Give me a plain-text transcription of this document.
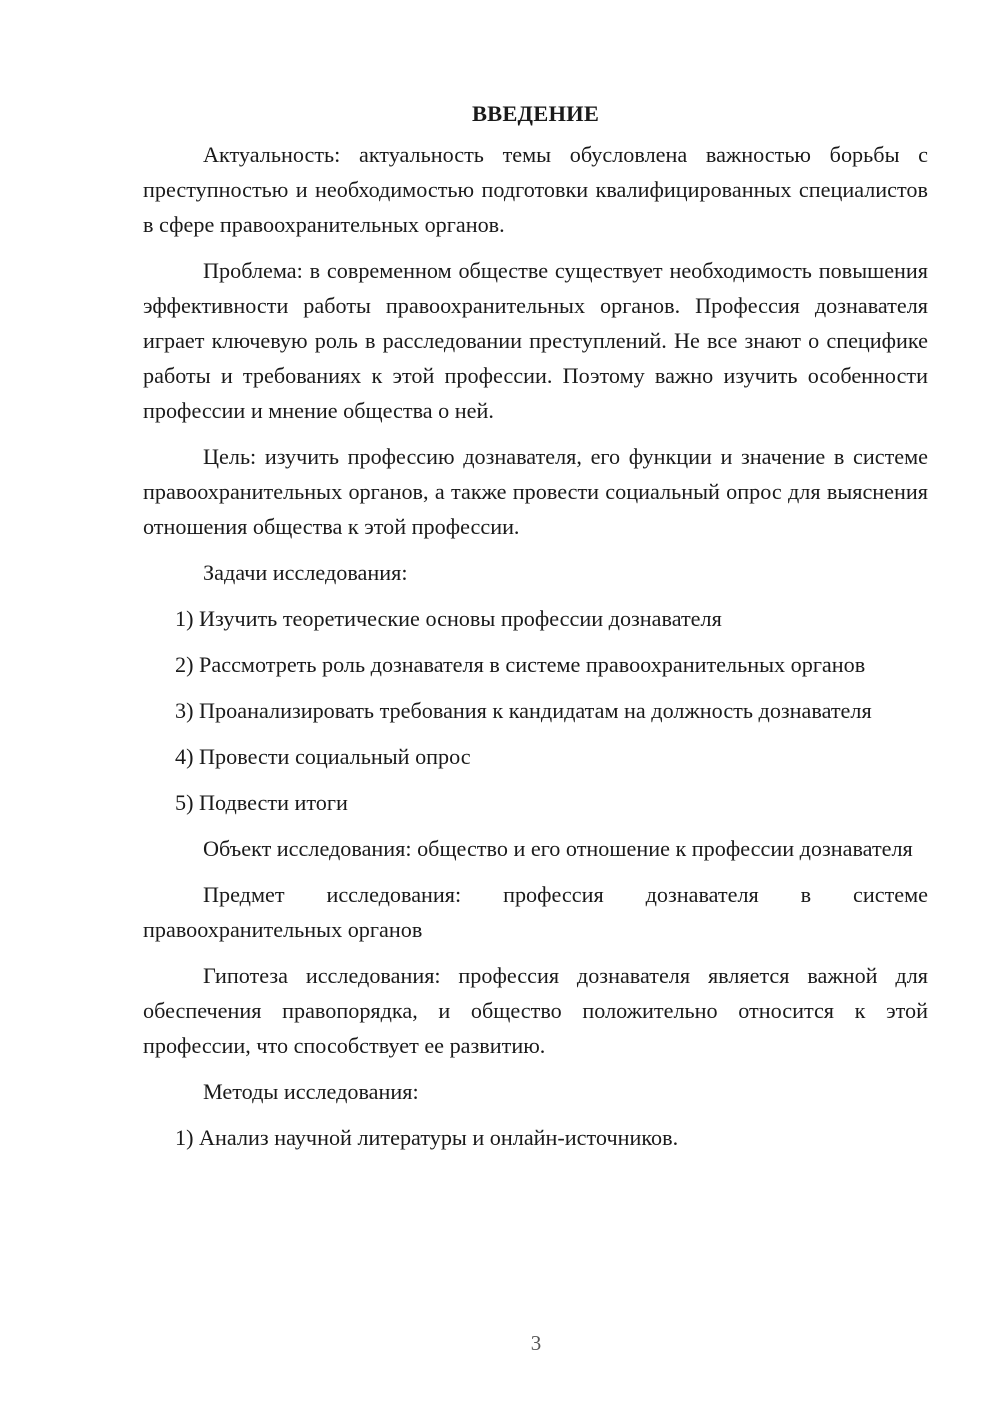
ВВЕДЕНИЕ

Актуальность: актуальность темы обусловлена важностью борьбы с преступностью и необходимостью подготовки квалифицированных специалистов в сфере правоохранительных органов.

Проблема: в современном обществе существует необходимость повышения эффективности работы правоохранительных органов. Профессия дознавателя играет ключевую роль в расследовании преступлений. Не все знают о специфике работы и требованиях к этой профессии. Поэтому важно изучить особенности профессии и мнение общества о ней.

Цель: изучить профессию дознавателя, его функции и значение в системе правоохранительных органов, а также провести социальный опрос для выяснения отношения общества к этой профессии.

Задачи исследования:

1) Изучить теоретические основы профессии дознавателя

2) Рассмотреть роль дознавателя в системе правоохранительных органов

3) Проанализировать требования к кандидатам на должность дознавателя

4) Провести социальный опрос

5) Подвести итоги

Объект исследования: общество и его отношение к профессии дознавателя

Предмет исследования: профессия дознавателя в системе правоохранительных органов

Гипотеза исследования: профессия дознавателя является важной для обеспечения правопорядка, и общество положительно относится к этой профессии, что способствует ее развитию.

Методы исследования:

1) Анализ научной литературы и онлайн-источников.

3
